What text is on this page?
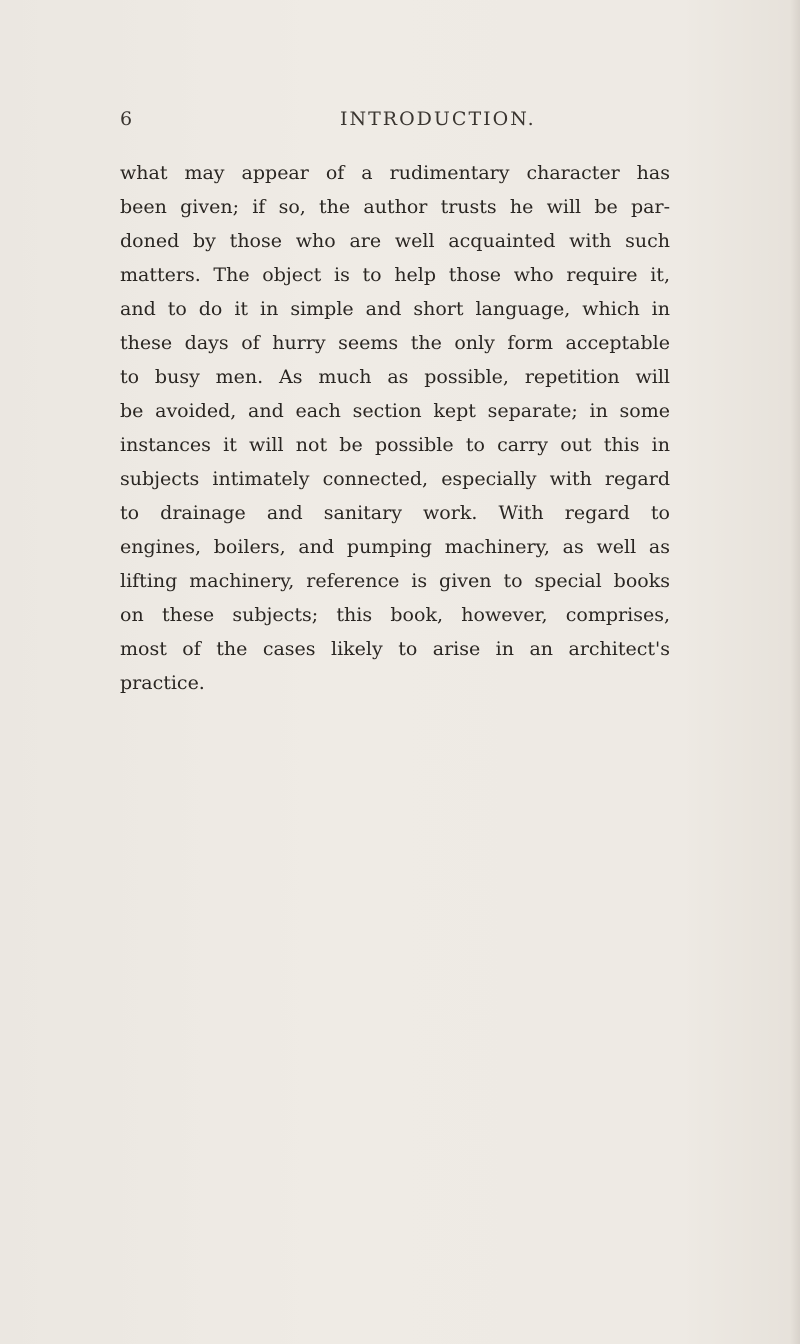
6	INTRODUCTION.
what may appear of a rudimentary character has
been given; if so, the author trusts he will be par-
doned by those who are well acquainted with such
matters. The object is to help those who require it,
and to do it in simple and short language, which in
these days of hurry seems the only form acceptable
to busy men. As much as possible, repetition will
be avoided, and each section kept separate; in some
instances it will not be possible to carry out this in
subjects intimately connected, especially with regard
to drainage and sanitary work. With regard to
engines, boilers, and pumping machinery, as well as
lifting machinery, reference is given to special books
on these subjects; this book, however, comprises,
most of the cases likely to arise in an architect's
practice.
